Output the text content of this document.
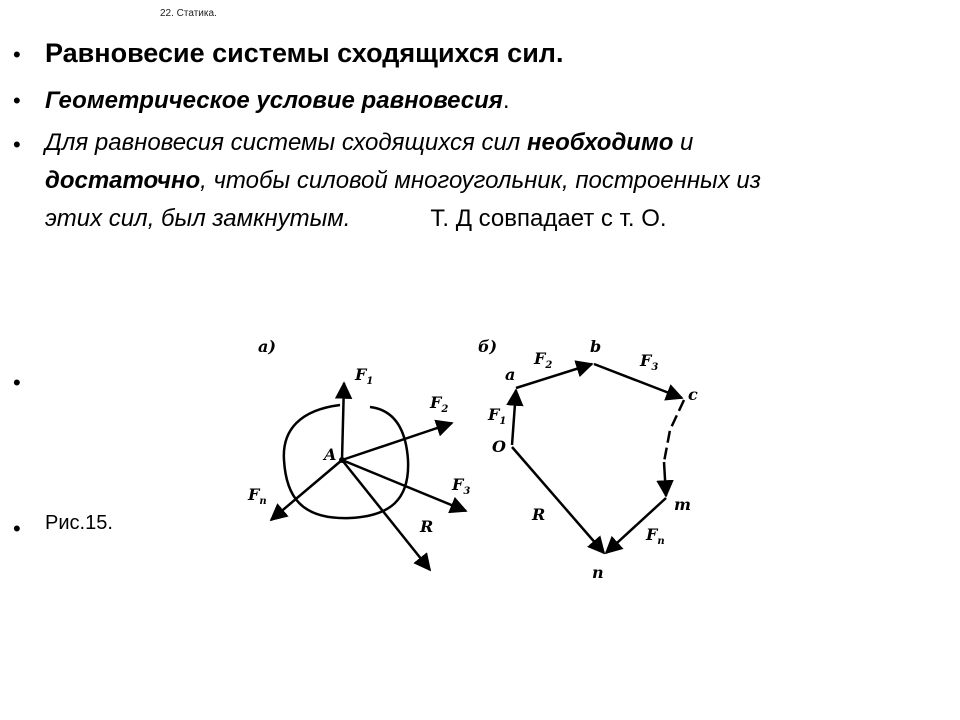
22. Статика.
• Равновесие системы сходящихся сил.
• Геометрическое условие равновесия.
• Для равновесия системы сходящихся сил необходимо и
достаточно, чтобы силовой многоугольник, построенных из
этих сил, был замкнутым.	Т. Д совпадает с т. О.
•
• Рис.15.
a)
A
$F_1$
$F_2$
$F_3$
$F_n$
R
б)
O
a
b
c
m
n
$F_1$
$F_2$	$F_3$
$F_n$
R
